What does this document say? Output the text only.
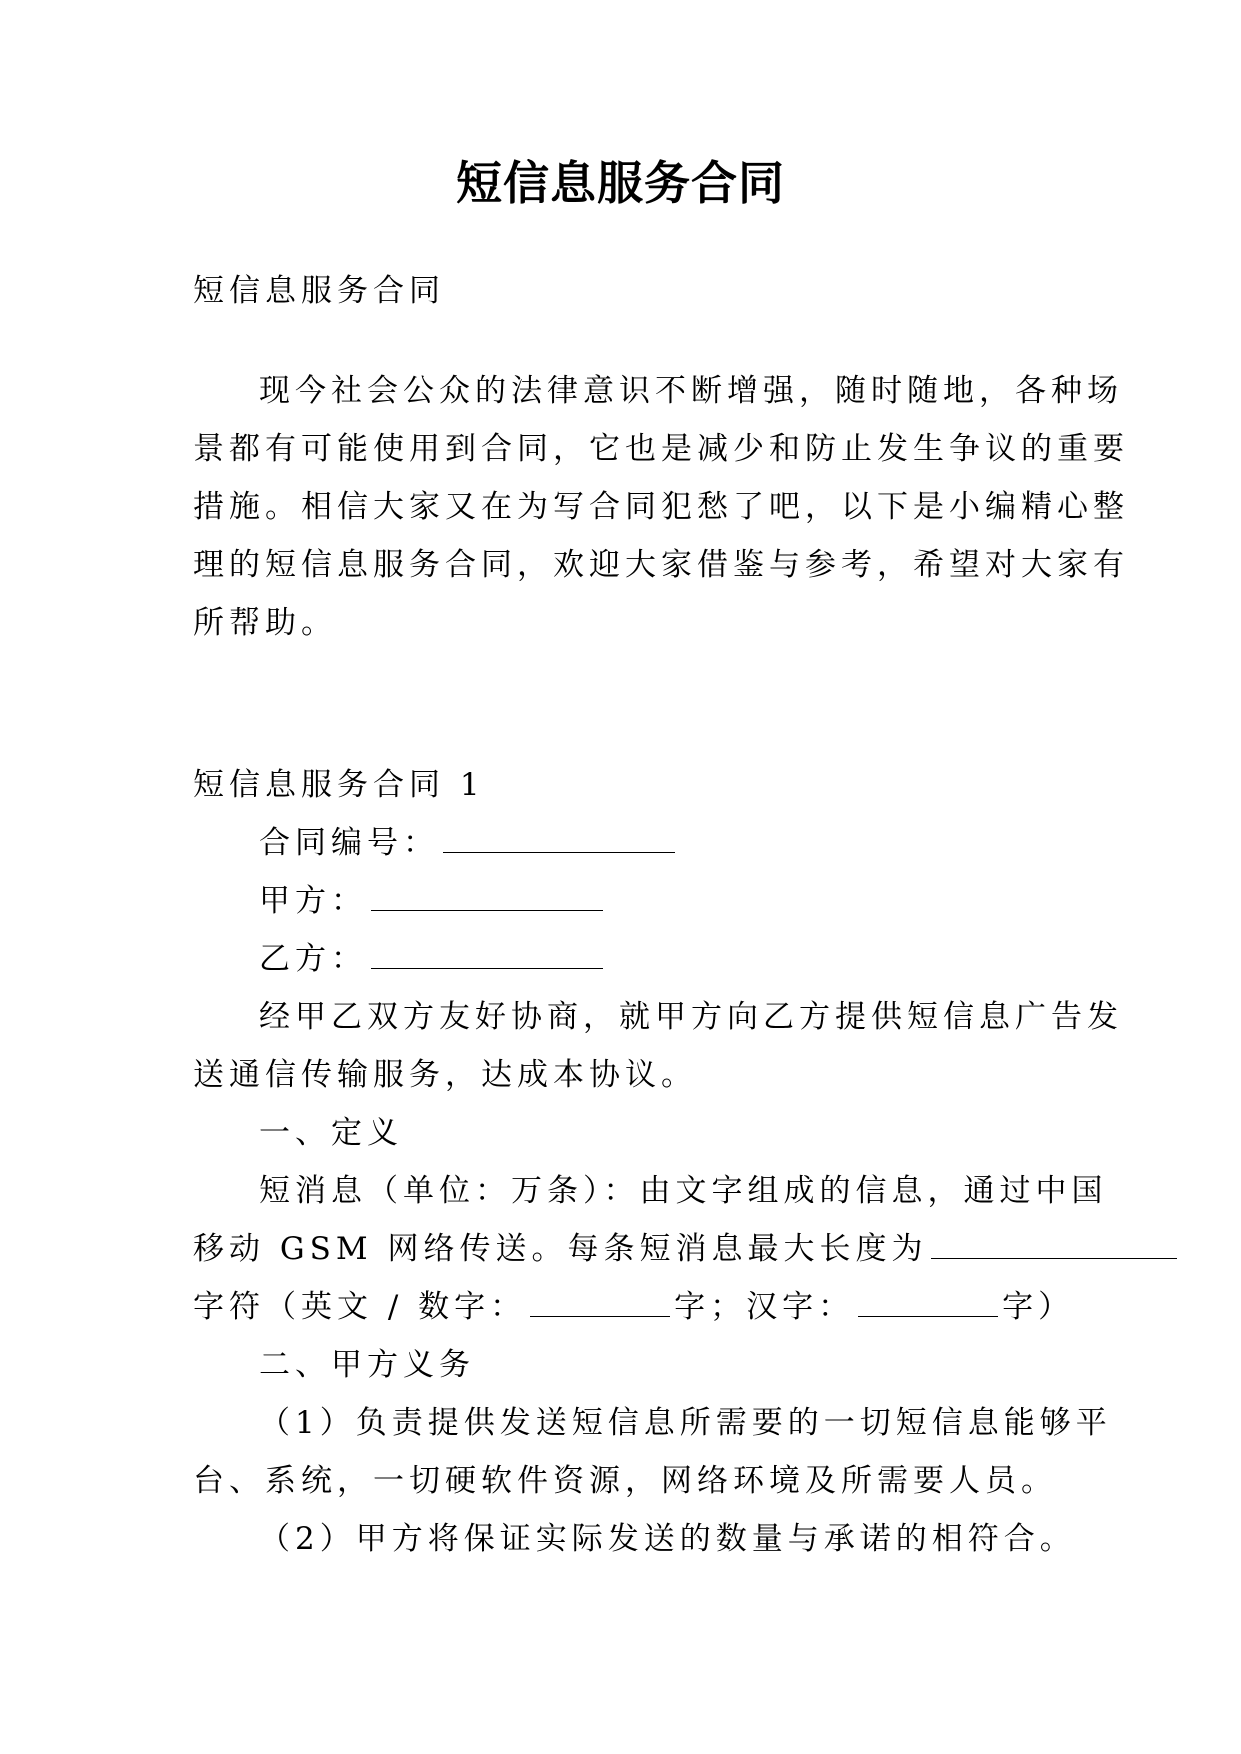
短信息服务合同
短信息服务合同
现今社会公众的法律意识不断增强，随时随地，各种场
景都有可能使用到合同，它也是减少和防止发生争议的重要
措施。相信大家又在为写合同犯愁了吧，以下是小编精心整
理的短信息服务合同，欢迎大家借鉴与参考，希望对大家有
所帮助。
短信息服务合同 1
合同编号：
甲方：
乙方：
经甲乙双方友好协商，就甲方向乙方提供短信息广告发
送通信传输服务，达成本协议。
一、定义
短消息（单位：万条）：由文字组成的信息，通过中国
移动 GSM 网络传送。每条短消息最大长度为
字符（英文 / 数字：	字；汉字：	字）
二、甲方义务
（1）负责提供发送短信息所需要的一切短信息能够平
台、系统，一切硬软件资源，网络环境及所需要人员。
（2）甲方将保证实际发送的数量与承诺的相符合。
